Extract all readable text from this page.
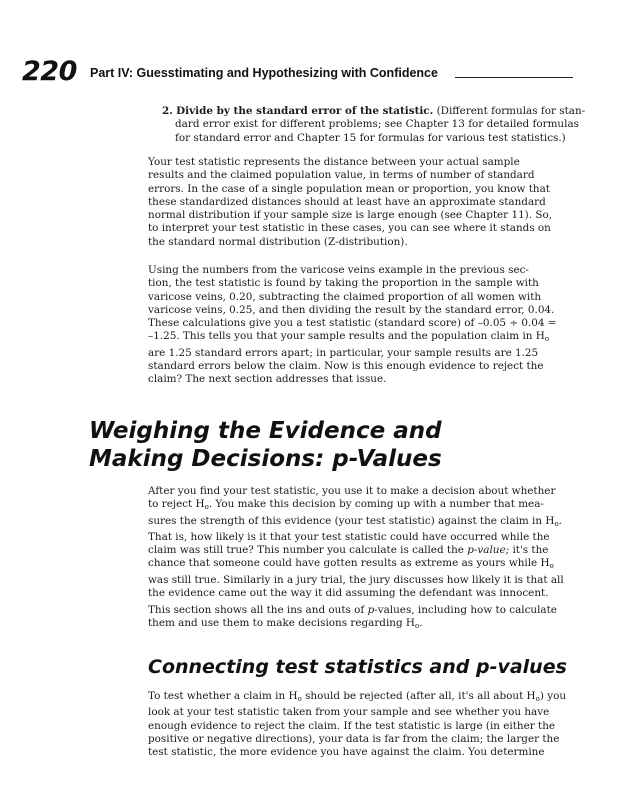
220 Part IV: Guesstimating and Hypothesizing with Confidence
2. Divide by the standard error of the statistic. (Different formulas for stan-
dard error exist for different problems; see Chapter 13 for detailed formulas
for standard error and Chapter 15 for formulas for various test statistics.)

Your test statistic represents the distance between your actual sample
results and the claimed population value, in terms of number of standard
errors. In the case of a single population mean or proportion, you know that
these standardized distances should at least have an approximate standard
normal distribution if your sample size is large enough (see Chapter 11). So,
to interpret your test statistic in these cases, you can see where it stands on
the standard normal distribution (Z-distribution).

Using the numbers from the varicose veins example in the previous sec-
tion, the test statistic is found by taking the proportion in the sample with
varicose veins, 0.20, subtracting the claimed proportion of all women with
varicose veins, 0.25, and then dividing the result by the standard error, 0.04.
These calculations give you a test statistic (standard score) of –0.05 ÷ 0.04 =
–1.25. This tells you that your sample results and the population claim in $H_o$
are 1.25 standard errors apart; in particular, your sample results are 1.25
standard errors below the claim. Now is this enough evidence to reject the
claim? The next section addresses that issue.

Weighing the Evidence and
Making Decisions: p-Values

After you find your test statistic, you use it to make a decision about whether
to reject $H_o$. You make this decision by coming up with a number that mea-
sures the strength of this evidence (your test statistic) against the claim in $H_o$.
That is, how likely is it that your test statistic could have occurred while the
claim was still true? This number you calculate is called the p-value; it's the
chance that someone could have gotten results as extreme as yours while $H_o$
was still true. Similarly in a jury trial, the jury discusses how likely it is that all
the evidence came out the way it did assuming the defendant was innocent.

This section shows all the ins and outs of p-values, including how to calculate
them and use them to make decisions regarding $H_o$.

Connecting test statistics and p-values

To test whether a claim in $H_o$ should be rejected (after all, it's all about $H_o$) you
look at your test statistic taken from your sample and see whether you have
enough evidence to reject the claim. If the test statistic is large (in either the
positive or negative directions), your data is far from the claim; the larger the
test statistic, the more evidence you have against the claim. You determine
